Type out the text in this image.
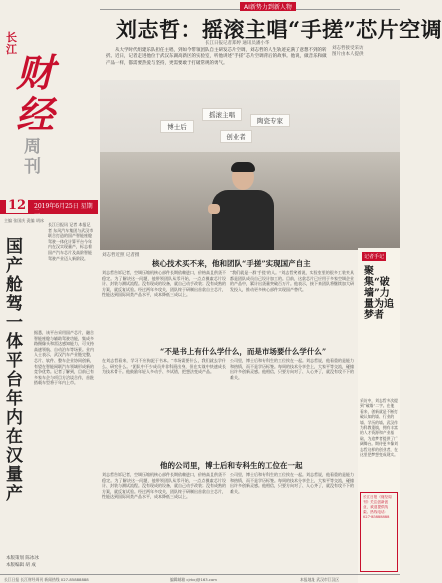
长江
财经
周刊
12	2019年6月25日 星期二
主编 张国庆 责编 胡冰
国产舱驾一体平台年内在汉量产
长江日报讯 记者 本报记者 东风汽车集团与武汉市联合打造的国产智能座舱驾驶一体化计算平台今年内在汉实现量产，标志着国产汽车芯片及高阶智能驾驶产业迈入新阶段。
据悉，该平台采用国产芯片，融合智能座舱与辅助驾驶功能，集成多路摄像头和雷达感知能力，可支持高速领航、自动泊车等场景。业内人士表示，武汉汽车产业链完整，芯片、软件、整车企业协同创新，有望在智能网联汽车领域形成新的竞争优势。记者了解到，目前已有多家车企与项目方洽谈合作，首批搭载车型将于年内上市。
本版策划 陈冰冰
本版编辑 胡 成
AI新势力到新人物
刘志哲：摇滚主唱“手搓”芯片空调
长江日报记者郑婷 通讯员潘小华
从大学时代组建乐队担任主唱，到如今带领团队自主研发芯片空调，刘志哲的人生轨迹充满了意想不到的转折。近日，记者走进他位于武汉东湖高新区的实验室，听他讲述“手搓”芯片空调背后的故事。他说，做音乐和做产品一样，都需要热爱与坚持，更需要敢于打破常规的勇气。
刘志哲接受采访
图片由本人提供
博士后
摇滚主唱
陶瓷专家
创业者
刘志哲近照 记者摄
核心技术买不来，他和团队“手搓”实现国产自主
刘志哲告诉记者，空调压缩机核心部件长期依赖进口，价格高且供货不稳定。为了解决这一问题，他带领团队从零开始，一点点摸索芯片设计、封装与测试流程。没有现成的设备，就自己动手改装；没有成熟的方案，就反复试验。经过两年多攻关，团队终于研制出首款自主芯片，性能达到国际同类产品水平，成本降低三成以上。
“我们就是一群‘手搓’的人。”刘志哲笑着说，实验室里的很多工装夹具都是团队成员自己设计加工的。目前，这款芯片已应用于多家空调企业的产品中，累计出货量突破百万片。他表示，接下来团队将继续加大研发投入，推动更多核心部件实现国产替代。
“不是书上有什么学什么，而是市场要什么学什么”
在刘志哲看来，学习不应拘泥于书本。“市场需要什么，我们就去学什么、研究什么。”团队中不少成员并非科班出身，但在实战中快速成长为技术骨干。他鼓励年轻人多动手、多试错，把想法变成产品。
公司里，博士后和专科生的工位挨在一起。刘志哲说，他看重的是能力和热情，而不是学历标签。每周的技术分享会上，大家平等交流，碰撞出许多创新灵感。他相信，只要方向对了、人心齐了，就没有攻不下的难关。
他的公司里，博士后和专科生的工位在一起
刘志哲告诉记者，空调压缩机核心部件长期依赖进口，价格高且供货不稳定。为了解决这一问题，他带领团队从零开始，一点点摸索芯片设计、封装与测试流程。没有现成的设备，就自己动手改装；没有成熟的方案，就反复试验。经过两年多攻关，团队终于研制出首款自主芯片，性能达到国际同类产品水平，成本降低三成以上。
公司里，博士后和专科生的工位挨在一起。刘志哲说，他看重的是能力和热情，而不是学历标签。每周的技术分享会上，大家平等交流，碰撞出许多创新灵感。他相信，只要方向对了、人心齐了，就没有攻不下的难关。
记者手记
聚集“破墙”力量为追梦者
采访中，刘志哲多次提到“破墙”二字。在他看来，创新就是不断打破认知的墙、行业的墙、学历的墙。武汉作为科教重镇，拥有丰富的人才资源和产业基础，为追梦者提供了广阔舞台。期待更多像刘志哲这样的创业者，在这里把梦想变成现实。
长江日报《财经周刊》关注创新创业，欢迎提供线索。热线电话：027-85888888
长江日报 长江财经周刊 新闻热线 027-85888888	编辑邮箱 cjrbcj@163.com	本报地址 武汉市江汉区
